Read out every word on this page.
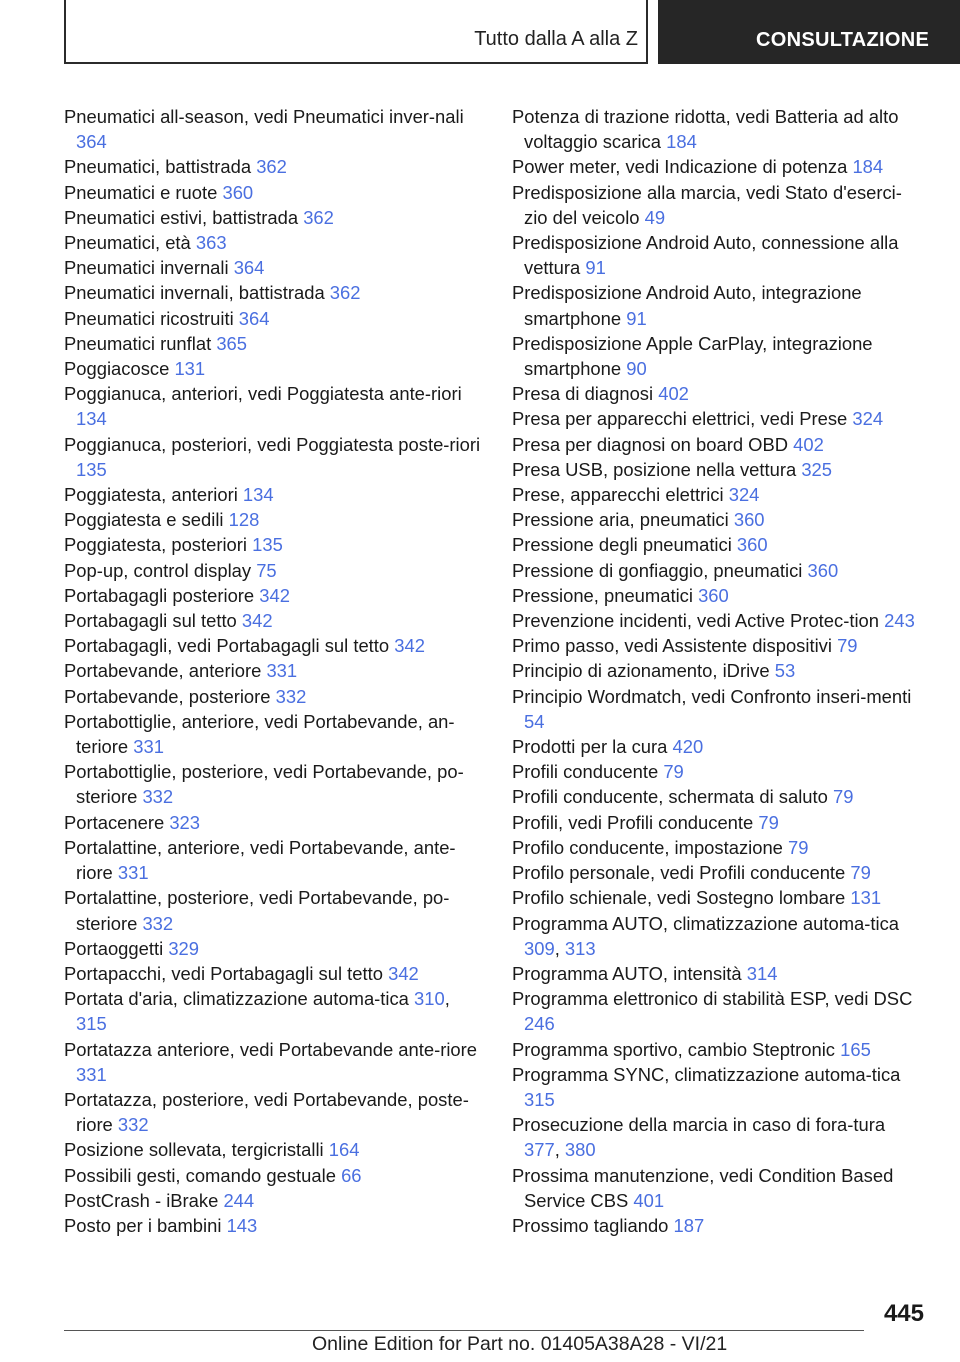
Tutto dalla A alla Z	CONSULTAZIONE
Pneumatici all-season, vedi Pneumatici inver-nali 364
Pneumatici, battistrada 362
Pneumatici e ruote 360
Pneumatici estivi, battistrada 362
Pneumatici, età 363
Pneumatici invernali 364
Pneumatici invernali, battistrada 362
Pneumatici ricostruiti 364
Pneumatici runflat 365
Poggiacosce 131
Poggianuca, anteriori, vedi Poggiatesta ante-riori 134
Poggianuca, posteriori, vedi Poggiatesta poste-riori 135
Poggiatesta, anteriori 134
Poggiatesta e sedili 128
Poggiatesta, posteriori 135
Pop-up, control display 75
Portabagagli posteriore 342
Portabagagli sul tetto 342
Portabagagli, vedi Portabagagli sul tetto 342
Portabevande, anteriore 331
Portabevande, posteriore 332
Portabottiglie, anteriore, vedi Portabevande, an-teriore 331
Portabottiglie, posteriore, vedi Portabevande, po-steriore 332
Portacenere 323
Portalattine, anteriore, vedi Portabevande, ante-riore 331
Portalattine, posteriore, vedi Portabevande, po-steriore 332
Portaoggetti 329
Portapacchi, vedi Portabagagli sul tetto 342
Portata d'aria, climatizzazione automa-tica 310, 315
Portatazza anteriore, vedi Portabevande ante-riore 331
Portatazza, posteriore, vedi Portabevande, poste-riore 332
Posizione sollevata, tergicristalli 164
Possibili gesti, comando gestuale 66
PostCrash - iBrake 244
Posto per i bambini 143
Potenza di trazione ridotta, vedi Batteria ad alto voltaggio scarica 184
Power meter, vedi Indicazione di potenza 184
Predisposizione alla marcia, vedi Stato d'eserci-zio del veicolo 49
Predisposizione Android Auto, connessione alla vettura 91
Predisposizione Android Auto, integrazione smartphone 91
Predisposizione Apple CarPlay, integrazione smartphone 90
Presa di diagnosi 402
Presa per apparecchi elettrici, vedi Prese 324
Presa per diagnosi on board OBD 402
Presa USB, posizione nella vettura 325
Prese, apparecchi elettrici 324
Pressione aria, pneumatici 360
Pressione degli pneumatici 360
Pressione di gonfiaggio, pneumatici 360
Pressione, pneumatici 360
Prevenzione incidenti, vedi Active Protec-tion 243
Primo passo, vedi Assistente dispositivi 79
Principio di azionamento, iDrive 53
Principio Wordmatch, vedi Confronto inseri-menti 54
Prodotti per la cura 420
Profili conducente 79
Profili conducente, schermata di saluto 79
Profili, vedi Profili conducente 79
Profilo conducente, impostazione 79
Profilo personale, vedi Profili conducente 79
Profilo schienale, vedi Sostegno lombare 131
Programma AUTO, climatizzazione automa-tica 309, 313
Programma AUTO, intensità 314
Programma elettronico di stabilità ESP, vedi DSC 246
Programma sportivo, cambio Steptronic 165
Programma SYNC, climatizzazione automa-tica 315
Prosecuzione della marcia in caso di fora-tura 377, 380
Prossima manutenzione, vedi Condition Based Service CBS 401
Prossimo tagliando 187
445
Online Edition for Part no. 01405A38A28 - VI/21
